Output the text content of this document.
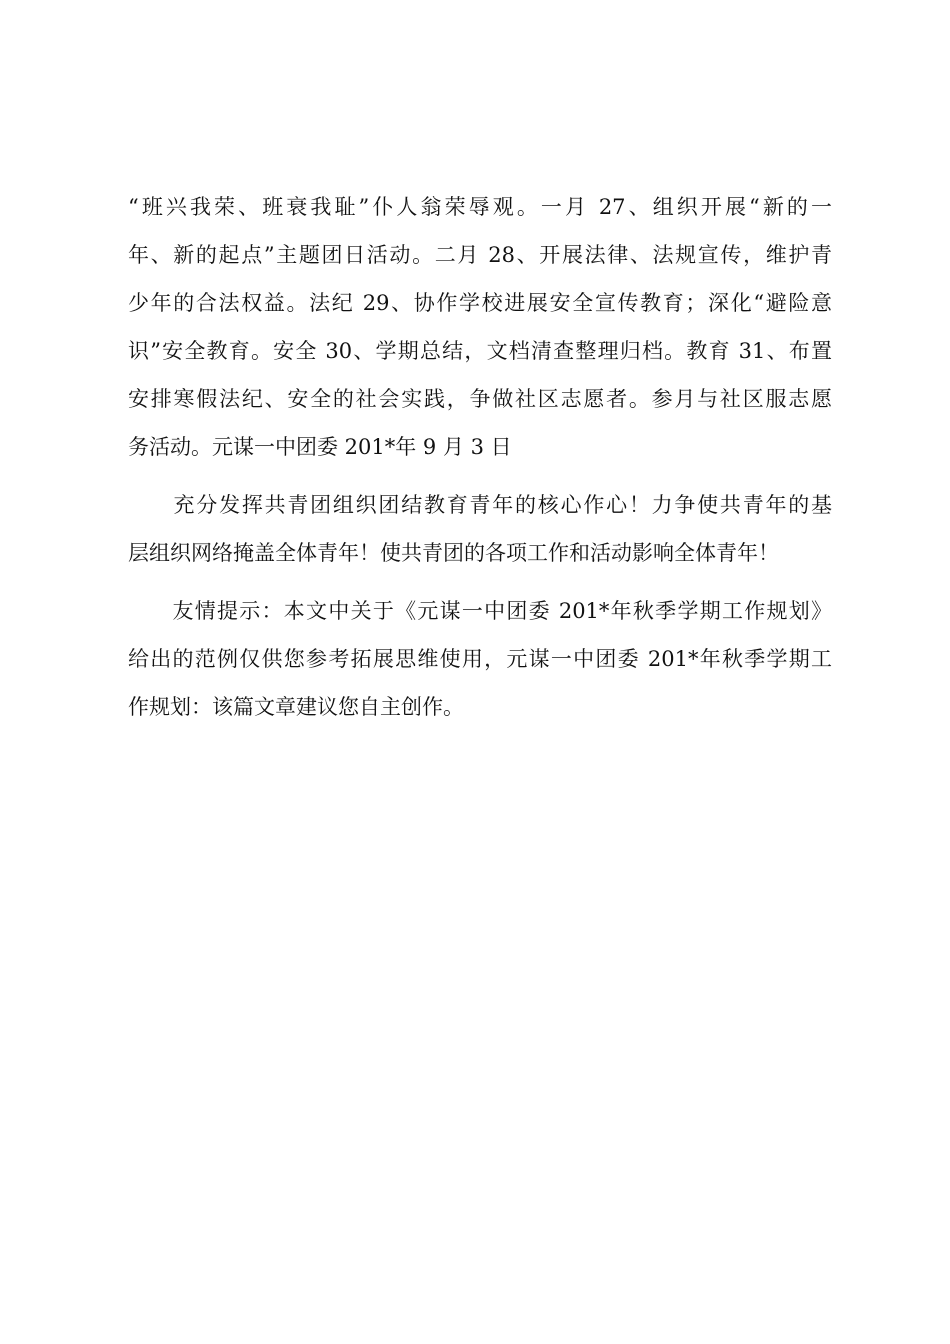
“班兴我荣、班衰我耻”仆人翁荣辱观。一月 27、组织开展“新的一
年、新的起点”主题团日活动。二月 28、开展法律、法规宣传，维护青
少年的合法权益。法纪 29、协作学校进展安全宣传教育；深化“避险意
识”安全教育。安全 30、学期总结，文档清查整理归档。教育 31、布置
安排寒假法纪、安全的社会实践，争做社区志愿者。参月与社区服志愿
务活动。元谋一中团委 201*年 9 月 3 日
　　充分发挥共青团组织团结教育青年的核心作心！力争使共青年的基
层组织网络掩盖全体青年！使共青团的各项工作和活动影响全体青年！
　　友情提示：本文中关于《元谋一中团委 201*年秋季学期工作规划》
给出的范例仅供您参考拓展思维使用，元谋一中团委 201*年秋季学期工
作规划：该篇文章建议您自主创作。
